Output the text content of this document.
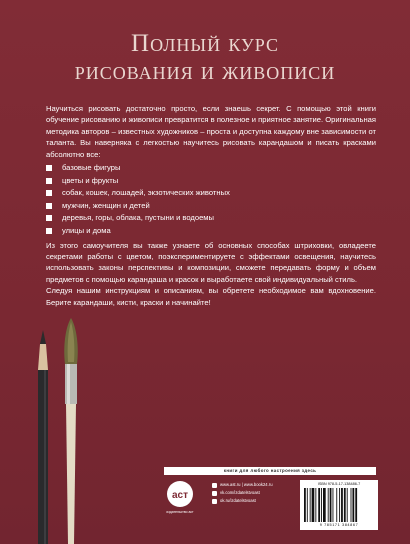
Полный курс
рисования и живописи

Научиться рисовать достаточно просто, если знаешь секрет. С помощью этой книги обучение рисованию и живописи превратится в полезное и приятное занятие. Оригинальная методика авторов – известных художников – проста и доступна каждому вне зависимости от таланта. Вы наверняка с легкостью научитесь рисовать карандашом и писать красками абсолютно все:

базовые фигуры
цветы и фрукты
собак, кошек, лошадей, экзотических животных
мужчин, женщин и детей
деревья, горы, облака, пустыни и водоемы
улицы и дома

Из этого самоучителя вы также узнаете об основных способах штриховки, овладеете секретами работы с цветом, поэкспериментируете с эффектами освещения, научитесь использовать законы перспективы и композиции, сможете передавать форму и объем предметов с помощью карандаша и красок и выработаете свой индивидуальный стиль.

Следуя нашим инструкциям и описаниям, вы обретете необходимое вам вдохновение. Берите карандаши, кисти, краски и начинайте!

книги для любого настроения здесь
аст
издательство аст
www.ast.ru | www.book24.ru
vk.com/izdatelstvoast
ok.ru/izdatelstvoast
ISBN 978-5-17-138486-7
9 785171 384867
